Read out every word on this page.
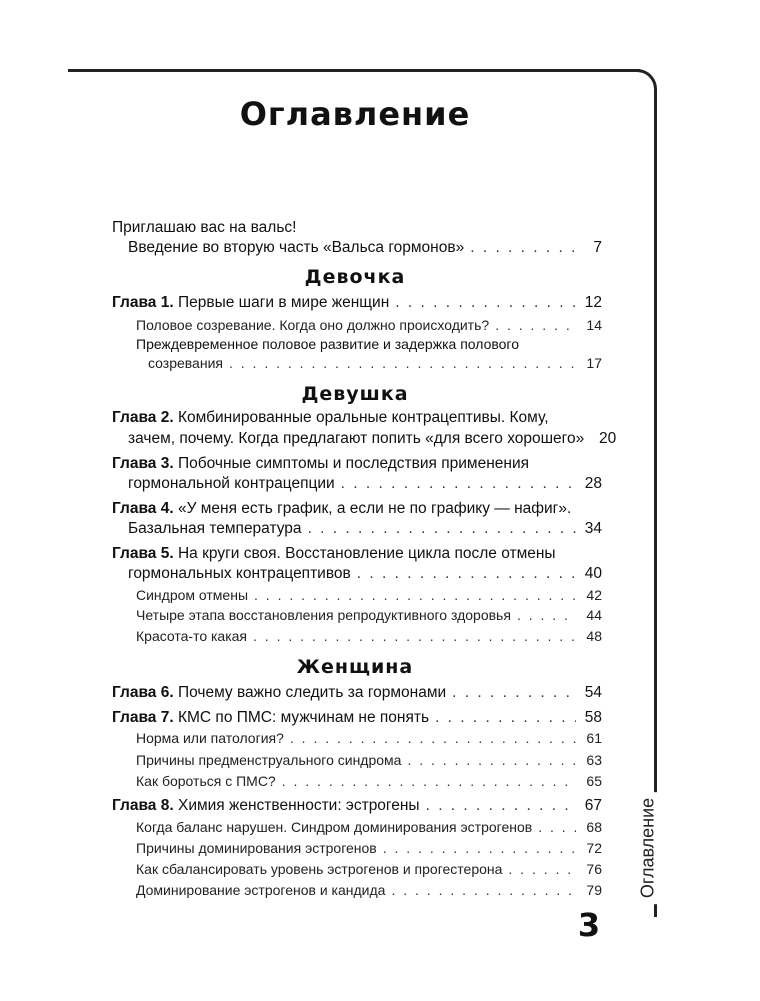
Оглавление
3
Оглавление
Приглашаю вас на вальс!
Введение во вторую часть «Вальса гормонов» . . .	7
Девочка
Глава 1. Первые шаги в мире женщин . . .	12
Половое созревание. Когда оно должно происходить? . . .	14
Преждевременное половое развитие и задержка полового
созревания . . .	17
Девушка
Глава 2. Комбинированные оральные контрацептивы. Кому,
зачем, почему. Когда предлагают попить «для всего хорошего» 20
Глава 3. Побочные симптомы и последствия применения
гормональной контрацепции . . .	28
Глава 4. «У меня есть график, а если не по графику — нафиг».
Базальная температура . . .	34
Глава 5. На круги своя. Восстановление цикла после отмены
гормональных контрацептивов . . .	40
Синдром отмены . . .	42
Четыре этапа восстановления репродуктивного здоровья . . .	44
Красота-то какая . . .	48
Женщина
Глава 6. Почему важно следить за гормонами . . .	54
Глава 7. КМС по ПМС: мужчинам не понять . . .	58
Норма или патология? . . .	61
Причины предменструального синдрома . . .	63
Как бороться с ПМС? . . .	65
Глава 8. Химия женственности: эстрогены . . .	67
Когда баланс нарушен. Синдром доминирования эстрогенов . . .	68
Причины доминирования эстрогенов . . .	72
Как сбалансировать уровень эстрогенов и прогестерона . . .	76
Доминирование эстрогенов и кандида . . .	79
